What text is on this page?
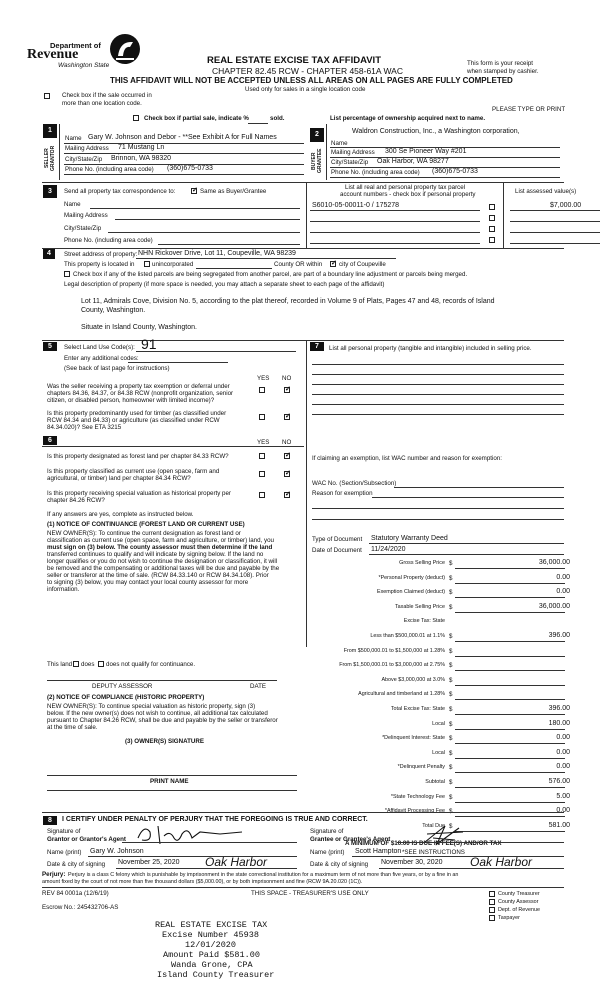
Department of
Revenue
Washington State	REAL ESTATE EXCISE TAX AFFIDAVIT
CHAPTER 82.45 RCW - CHAPTER 458-61A WAC
THIS AFFIDAVIT WILL NOT BE ACCEPTED UNLESS ALL AREAS ON ALL PAGES ARE FULLY COMPLETED
Used only for sales in a single location code
This form is your receipt
when stamped by cashier.
Check box if the sale occurred in
more than one location code.
PLEASE TYPE OR PRINT
Check box if partial sale, indicate %	sold.	List percentage of ownership acquired next to name.
1
SELLER GRANTOR
Name Gary W. Johnson and Debor - **See Exhibit A for Full Names
Mailing Address 71 Mustang Ln
City/State/Zip Brinnon, WA 98320
Phone No. (including area code) (360)675-0733
2
BUYER GRANTEE
Waldron Construction, Inc., a Washington corporation,
Name
Mailing Address 300 Se Pioneer Way #201
City/State/Zip Oak Harbor, WA 98277
Phone No. (including area code) (360)675-0733
3	Send all property tax correspondence to: ✓	Same as Buyer/Grantee
Name
Mailing Address
City/State/Zip
Phone No. (including area code)
List all real and personal property tax parcel
account numbers - check box if personal property	List assessed value(s)
S6010-05-00011-0 / 175278	$7,000.00
4	Street address of property: NHN Rickover Drive, Lot 11, Coupeville, WA 98239
This property is located in	unincorporated	County OR within ✓	city of Coupeville
Check box if any of the listed parcels are being segregated from another parcel, are part of a boundary line adjustment or parcels being merged.
Legal description of property (if more space is needed, you may attach a separate sheet to each page of the affidavit)
Lot 11, Admirals Cove, Division No. 5, according to the plat thereof, recorded in Volume 9 of Plats, Pages 47 and 48, records of Island
County, Washington.
Situate in Island County, Washington.
5	Select Land Use Code(s): 91
Enter any additional codes:
(See back of last page for instructions)
YES NO
Was the seller receiving a property tax exemption or deferral under
chapters 84.36, 84.37, or 84.38 RCW (nonprofit organization, senior
citizen, or disabled person, homeowner with limited income)?
✓
Is this property predominantly used for timber (as classified under
RCW 84.34 and 84.33) or agriculture (as classified under RCW
84.34.020)? See ETA 3215
✓
6	YES NO
Is this property designated as forest land per chapter 84.33 RCW?
✓
Is this property classified as current use (open space, farm and
agricultural, or timber) land per chapter 84.34 RCW?
✓
Is this property receiving special valuation as historical property per
chapter 84.26 RCW?
✓
If any answers are yes, complete as instructed below.
(1) NOTICE OF CONTINUANCE (FOREST LAND OR CURRENT USE)
NEW OWNER(S): To continue the current designation as forest land or
classification as current use (open space, farm and agriculture, or timber) land, you
must sign on (3) below. The county assessor must then determine if the land
transferred continues to qualify and will indicate by signing below. If the land no
longer qualifies or you do not wish to continue the designation or classification, it will
be removed and the compensating or additional taxes will be due and payable by the
seller or transferor at the time of sale. (RCW 84.33.140 or RCW 84.34.108). Prior
to signing (3) below, you may contact your local county assessor for more
information.
This land does does not qualify for continuance.
DEPUTY ASSESSOR	DATE
(2) NOTICE OF COMPLIANCE (HISTORIC PROPERTY)
NEW OWNER(S): To continue special valuation as historic property, sign (3)
below. If the new owner(s) does not wish to continue, all additional tax calculated
pursuant to Chapter 84.26 RCW, shall be due and payable by the seller or transferor
at the time of sale.
(3) OWNER(S) SIGNATURE
PRINT NAME
7	List all personal property (tangible and intangible) included in selling price.
If claiming an exemption, list WAC number and reason for exemption:
WAC No. (Section/Subsection)
Reason for exemption
Type of Document Statutory Warranty Deed
Date of Document 11/24/2020
Gross Selling Price $	36,000.00
*Personal Property (deduct) $	0.00
Exemption Claimed (deduct) $	0.00
Taxable Selling Price $	36,000.00
Excise Tax: State
Less than $500,000.01 at 1.1% $	396.00
From $500,000.01 to $1,500,000 at 1.28% $
From $1,500,000.01 to $3,000,000 at 2.75% $
Above $3,000,000 at 3.0% $
Agricultural and timberland at 1.28% $
Total Excise Tax: State $	396.00
Local $	180.00
*Delinquent Interest: State $	0.00
Local $	0.00
*Delinquent Penalty $	0.00
Subtotal $	576.00
*State Technology Fee $	5.00
*Affidavit Processing Fee $	0.00
Total Due $	581.00
A MINIMUM OF $10.00 IS DUE IN FEE(S) AND/OR TAX
*SEE INSTRUCTIONS
8	I CERTIFY UNDER PENALTY OF PERJURY THAT THE FOREGOING IS TRUE AND CORRECT.
Signature of
Grantor or Grantor's Agent
Name (print) Gary W. Johnson
Date & city of signing November 25, 2020 Oak Harbor
Signature of
Grantee or Grantee's Agent
Name (print) Scott Hampton
Date & city of signing November 30, 2020 Oak Harbor
Perjury: Perjury is a class C felony which is punishable by imprisonment in the state correctional institution for a maximum term of not more than five years, or by a fine in an
amount fixed by the court of not more than five thousand dollars ($5,000.00), or by both imprisonment and fine (RCW 9A.20.020 (1C)).
REV 84 0001a (12/6/19)	THIS SPACE - TREASURER'S USE ONLY
Escrow No.: 245432706-AS
County Treasurer
County Assessor
Dept. of Revenue
Taxpayer
REAL ESTATE EXCISE TAX
Excise Number 45938
12/01/2020
Amount Paid $581.00
Wanda Grone, CPA
Island County Treasurer
